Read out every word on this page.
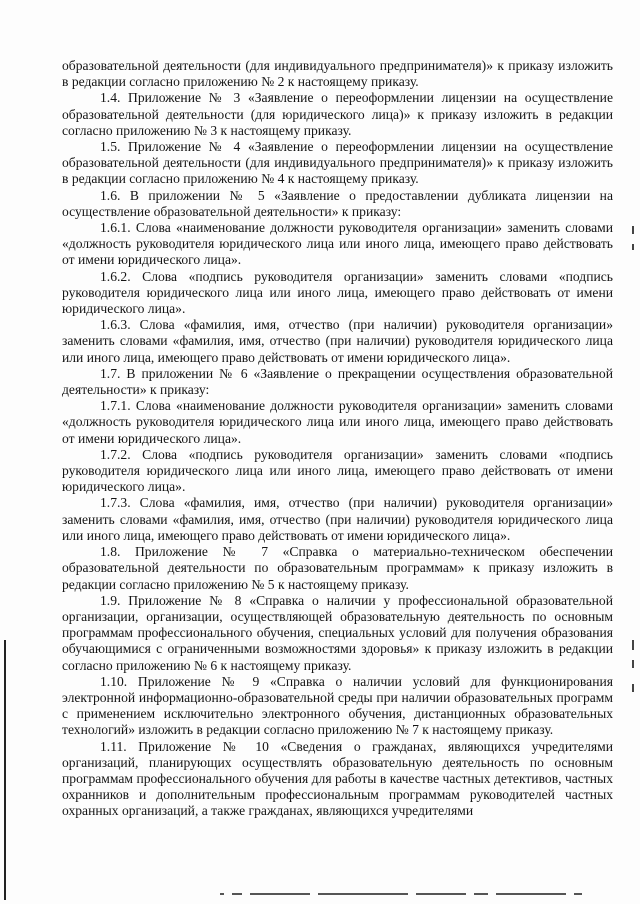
образовательной деятельности (для индивидуального предпринимателя)» к приказу изложить в редакции согласно приложению № 2 к настоящему приказу.

1.4. Приложение № 3 «Заявление о переоформлении лицензии на осуществление образовательной деятельности (для юридического лица)» к приказу изложить в редакции согласно приложению № 3 к настоящему приказу.

1.5. Приложение № 4 «Заявление о переоформлении лицензии на осуществление образовательной деятельности (для индивидуального предпринимателя)» к приказу изложить в редакции согласно приложению № 4 к настоящему приказу.

1.6. В приложении № 5 «Заявление о предоставлении дубликата лицензии на осуществление образовательной деятельности» к приказу:

1.6.1. Слова «наименование должности руководителя организации» заменить словами «должность руководителя юридического лица или иного лица, имеющего право действовать от имени юридического лица».

1.6.2. Слова «подпись руководителя организации» заменить словами «подпись руководителя юридического лица или иного лица, имеющего право действовать от имени юридического лица».

1.6.3. Слова «фамилия, имя, отчество (при наличии) руководителя организации» заменить словами «фамилия, имя, отчество (при наличии) руководителя юридического лица или иного лица, имеющего право действовать от имени юридического лица».

1.7. В приложении № 6 «Заявление о прекращении осуществления образовательной деятельности» к приказу:

1.7.1. Слова «наименование должности руководителя организации» заменить словами «должность руководителя юридического лица или иного лица, имеющего право действовать от имени юридического лица».

1.7.2. Слова «подпись руководителя организации» заменить словами «подпись руководителя юридического лица или иного лица, имеющего право действовать от имени юридического лица».

1.7.3. Слова «фамилия, имя, отчество (при наличии) руководителя организации» заменить словами «фамилия, имя, отчество (при наличии) руководителя юридического лица или иного лица, имеющего право действовать от имени юридического лица».

1.8. Приложение № 7 «Справка о материально-техническом обеспечении образовательной деятельности по образовательным программам» к приказу изложить в редакции согласно приложению № 5 к настоящему приказу.

1.9. Приложение № 8 «Справка о наличии у профессиональной образовательной организации, организации, осуществляющей образовательную деятельность по основным программам профессионального обучения, специальных условий для получения образования обучающимися с ограниченными возможностями здоровья» к приказу изложить в редакции согласно приложению № 6 к настоящему приказу.

1.10. Приложение № 9 «Справка о наличии условий для функционирования электронной информационно-образовательной среды при наличии образовательных программ с применением исключительно электронного обучения, дистанционных образовательных технологий» изложить в редакции согласно приложению № 7 к настоящему приказу.

1.11. Приложение № 10 «Сведения о гражданах, являющихся учредителями организаций, планирующих осуществлять образовательную деятельность по основным программам профессионального обучения для работы в качестве частных детективов, частных охранников и дополнительным профессиональным программам руководителей частных охранных организаций, а также гражданах, являющихся учредителями
